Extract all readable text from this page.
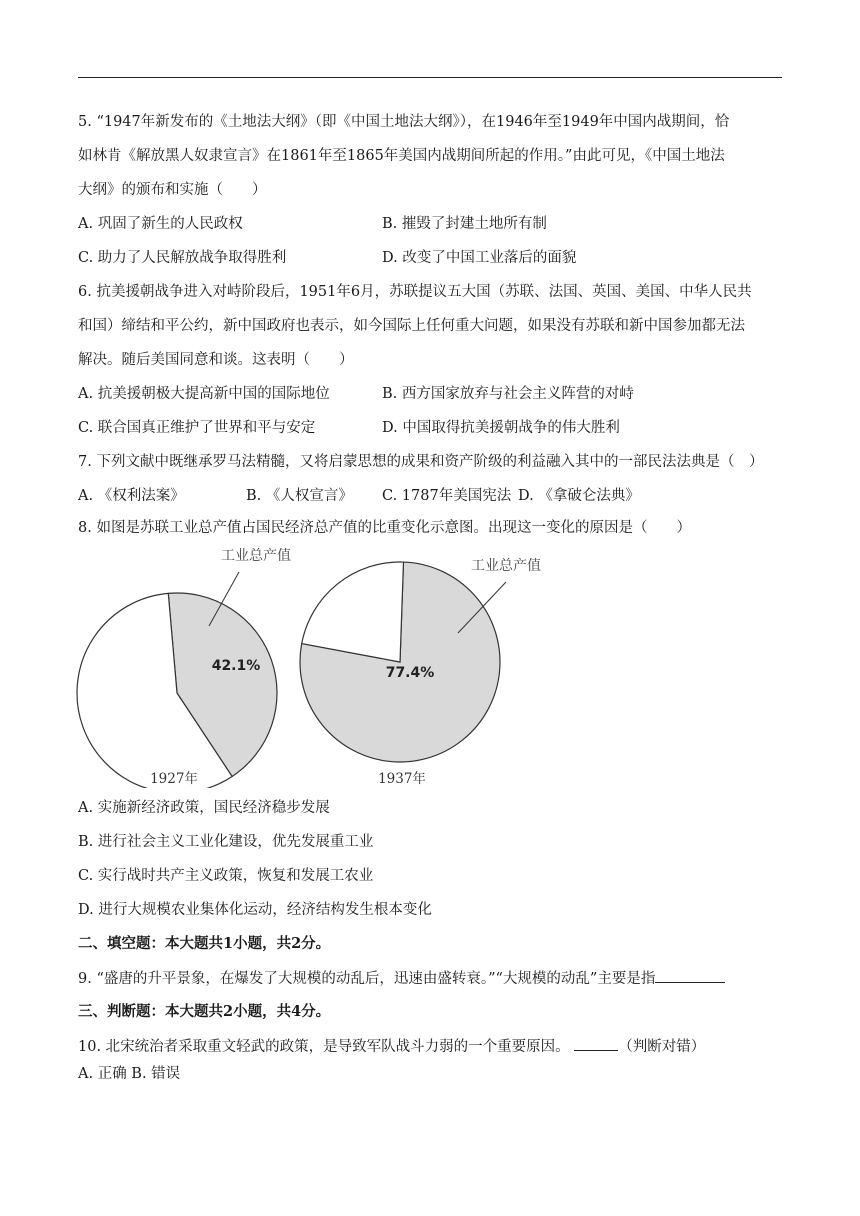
5. “1947年新发布的《土地法大纲》（即《中国土地法大纲》），在1946年至1949年中国内战期间，恰
如林肯《解放黑人奴隶宣言》在1861年至1865年美国内战期间所起的作用。”由此可见，《中国土地法
大纲》的颁布和实施（　　）
A. 巩固了新生的人民政权	B. 摧毁了封建土地所有制
C. 助力了人民解放战争取得胜利	D. 改变了中国工业落后的面貌
6. 抗美援朝战争进入对峙阶段后，1951年6月，苏联提议五大国（苏联、法国、英国、美国、中华人民共
和国）缔结和平公约，新中国政府也表示，如今国际上任何重大问题，如果没有苏联和新中国参加都无法
解决。随后美国同意和谈。这表明（　　）
A. 抗美援朝极大提高新中国的国际地位	B. 西方国家放弃与社会主义阵营的对峙
C. 联合国真正维护了世界和平与安定	D. 中国取得抗美援朝战争的伟大胜利
7. 下列文献中既继承罗马法精髓，又将启蒙思想的成果和资产阶级的利益融入其中的一部民法法典是（　）
A. 《权利法案》	B. 《人权宣言》 C. 1787年美国宪法 D. 《拿破仑法典》
8. 如图是苏联工业总产值占国民经济总产值的比重变化示意图。出现这一变化的原因是（　　）
工业总产值
42.1%
1927年
工业总产值
77.4%
1937年
A. 实施新经济政策，国民经济稳步发展
B. 进行社会主义工业化建设，优先发展重工业
C. 实行战时共产主义政策，恢复和发展工农业
D. 进行大规模农业集体化运动，经济结构发生根本变化
二、填空题：本大题共1小题，共2分。
9. “盛唐的升平景象，在爆发了大规模的动乱后，迅速由盛转衰。”“大规模的动乱”主要是指
三、判断题：本大题共2小题，共4分。
10. 北宋统治者采取重文轻武的政策，是导致军队战斗力弱的一个重要原因。	（判断对错）
A. 正确 B. 错误
